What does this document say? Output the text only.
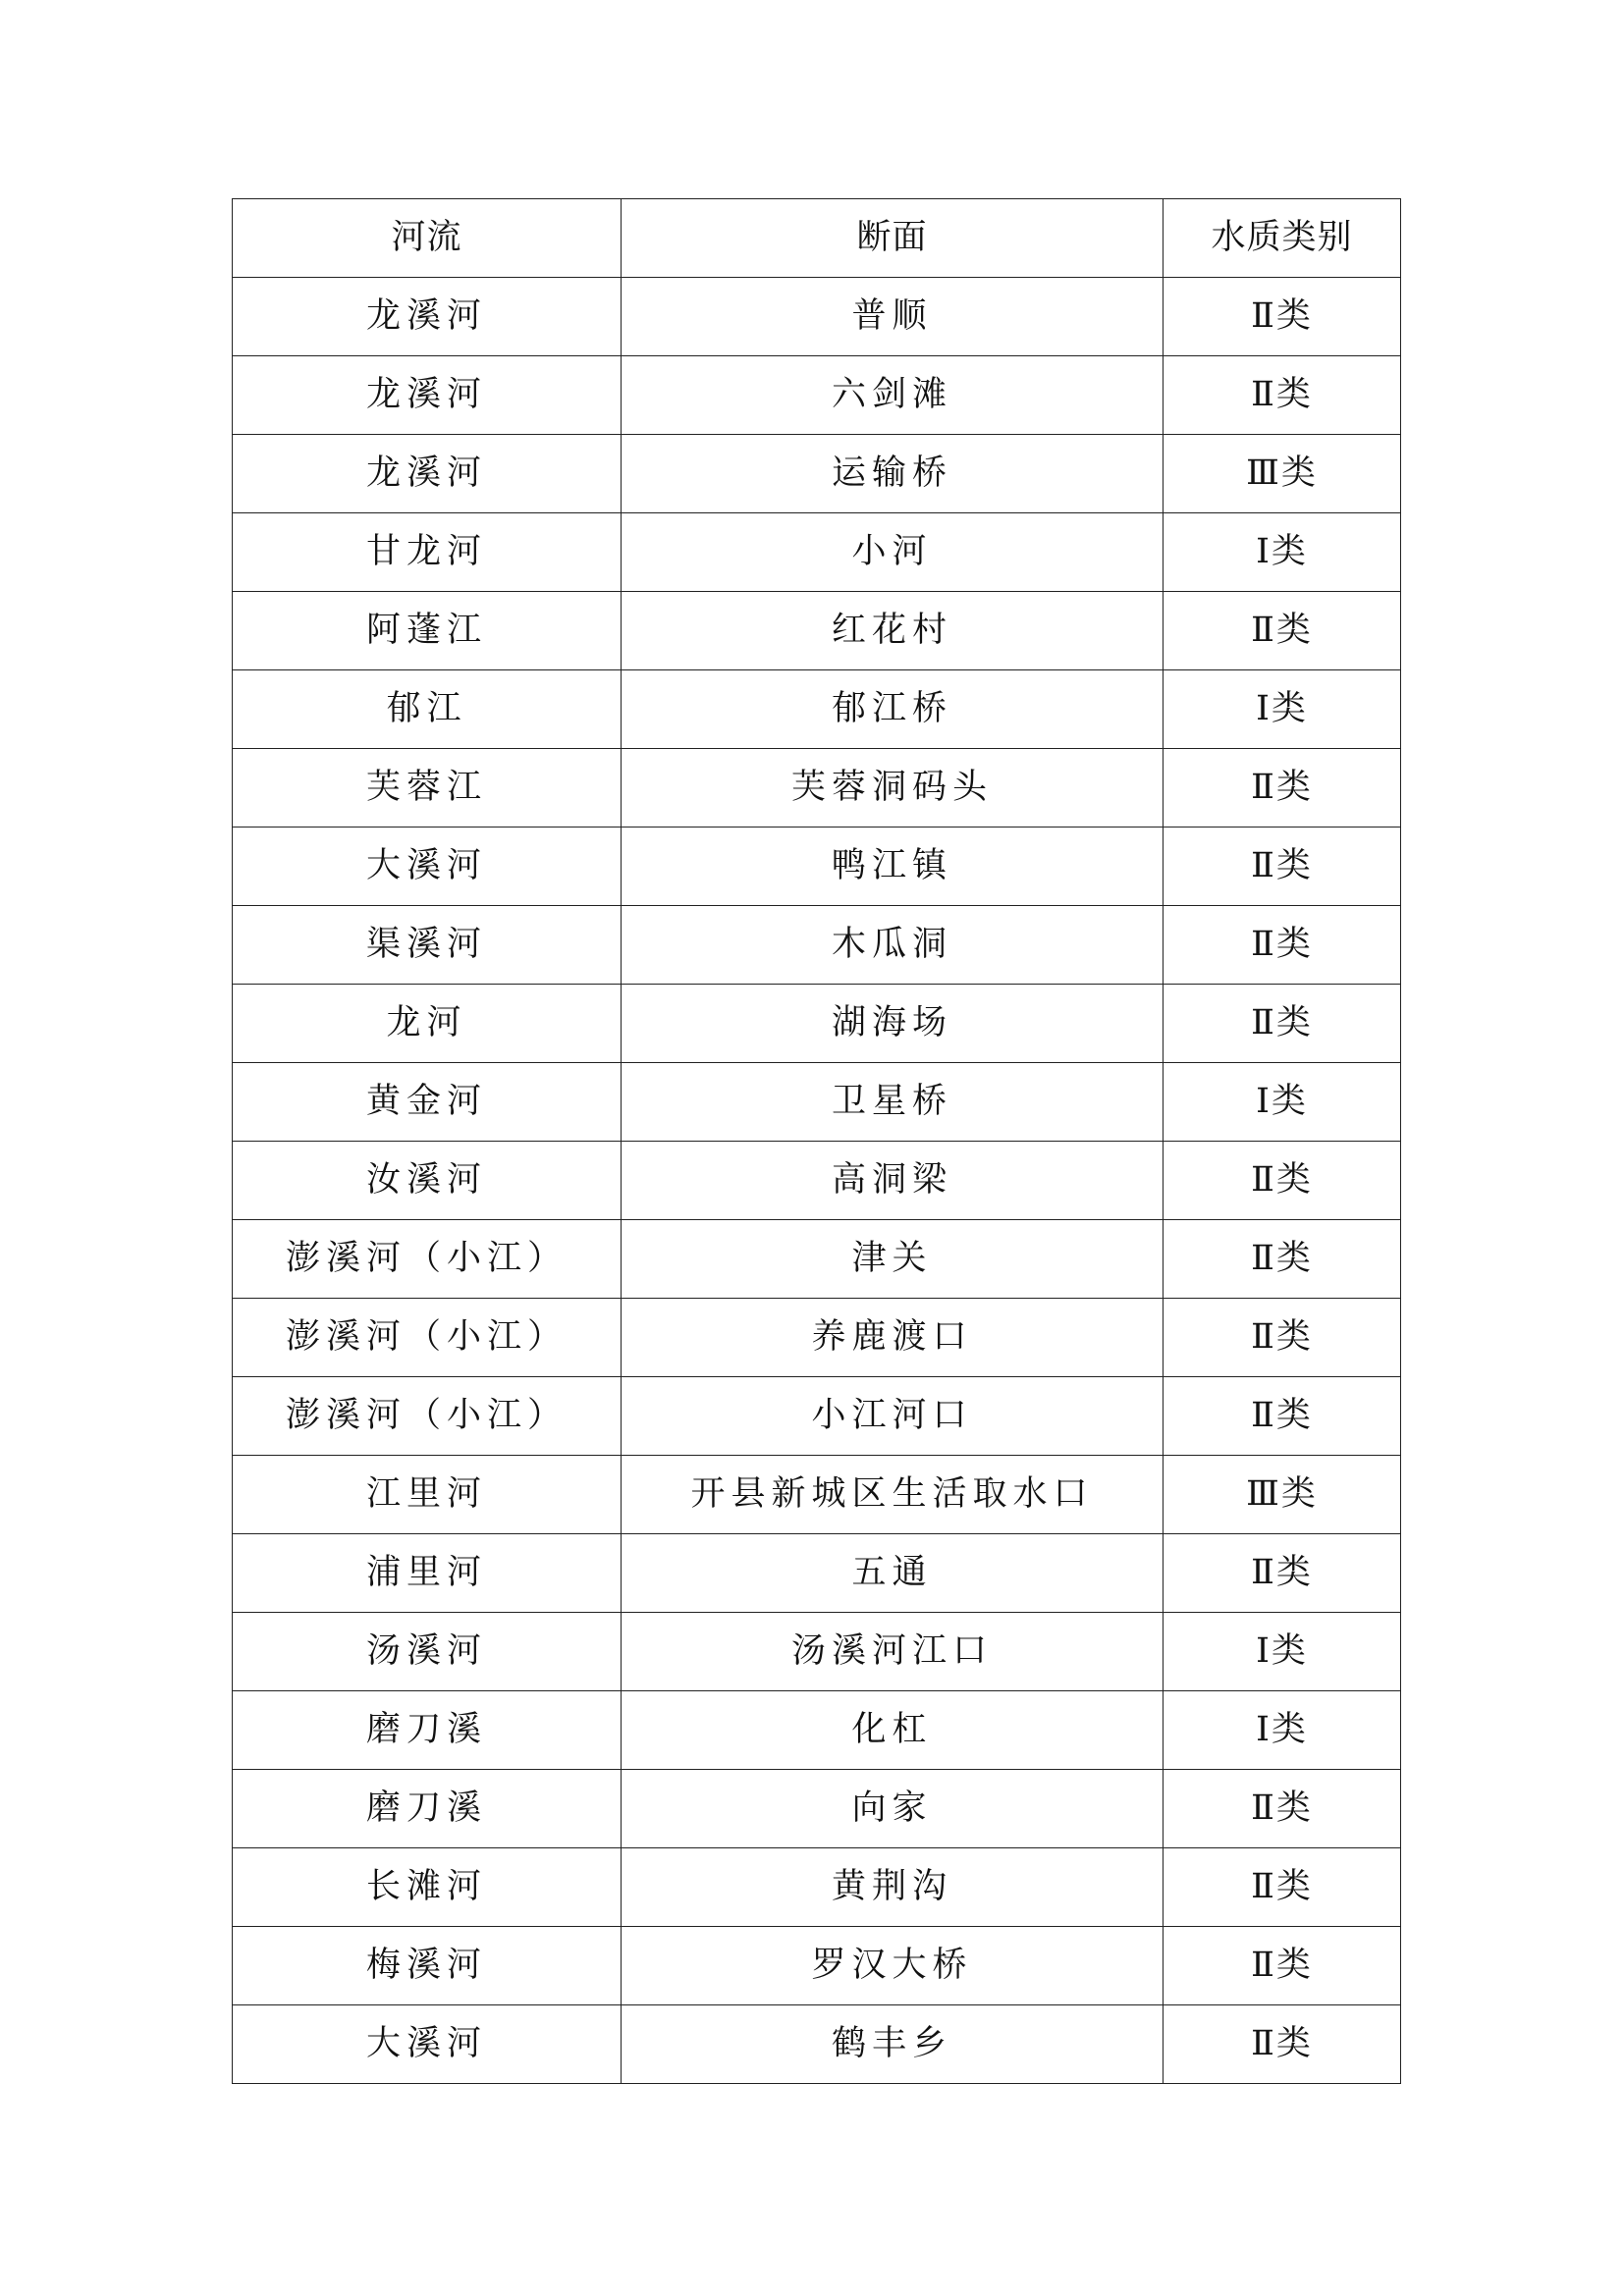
河流	断面	水质类别
龙溪河	普顺	Ⅱ类
龙溪河	六剑滩	Ⅱ类
龙溪河	运输桥	Ⅲ类
甘龙河	小河	Ⅰ类
阿蓬江	红花村	Ⅱ类
郁江	郁江桥	Ⅰ类
芙蓉江	芙蓉洞码头	Ⅱ类
大溪河	鸭江镇	Ⅱ类
渠溪河	木瓜洞	Ⅱ类
龙河	湖海场	Ⅱ类
黄金河	卫星桥	Ⅰ类
汝溪河	高洞梁	Ⅱ类
澎溪河（小江）	津关	Ⅱ类
澎溪河（小江）	养鹿渡口	Ⅱ类
澎溪河（小江）	小江河口	Ⅱ类
江里河	开县新城区生活取水口	Ⅲ类
浦里河	五通	Ⅱ类
汤溪河	汤溪河江口	Ⅰ类
磨刀溪	化杠	Ⅰ类
磨刀溪	向家	Ⅱ类
长滩河	黄荆沟	Ⅱ类
梅溪河	罗汉大桥	Ⅱ类
大溪河	鹤丰乡	Ⅱ类
